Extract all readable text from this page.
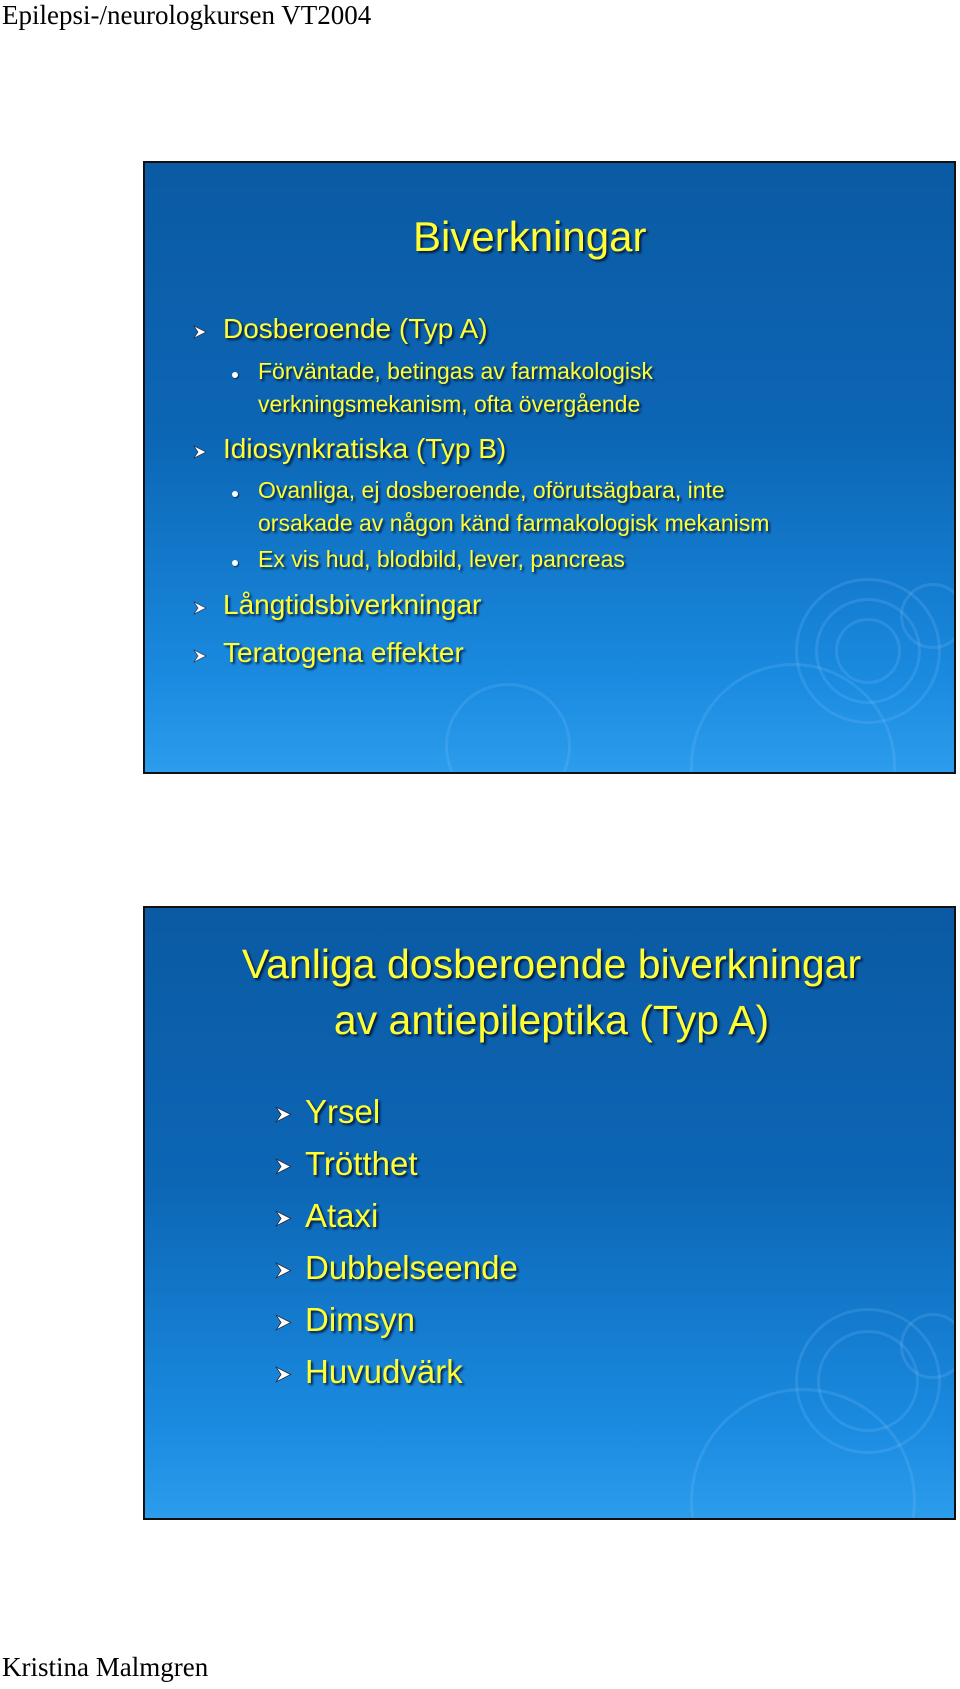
Epilepsi-/neurologkursen VT2004
Biverkningar
Dosberoende (Typ A)
Förväntade, betingas av farmakologisk
verkningsmekanism, ofta övergående
Idiosynkratiska (Typ B)
Ovanliga, ej dosberoende, oförutsägbara, inte
orsakade av någon känd farmakologisk mekanism
Ex vis hud, blodbild, lever, pancreas
Långtidsbiverkningar
Teratogena effekter
Vanliga dosberoende biverkningar
av antiepileptika (Typ A)
Yrsel
Trötthet
Ataxi
Dubbelseende
Dimsyn
Huvudvärk
Kristina Malmgren
